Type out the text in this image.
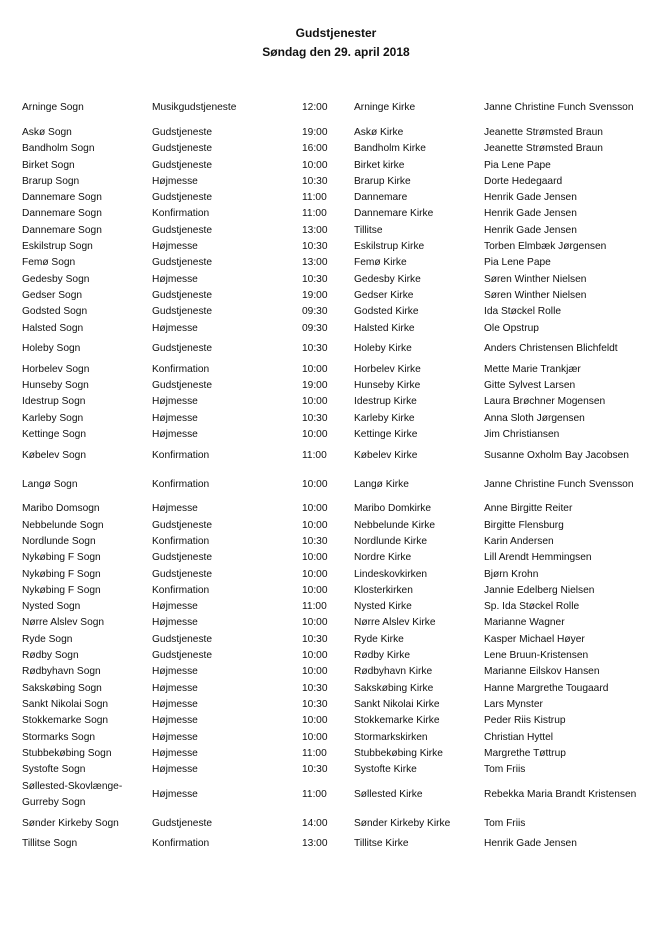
Gudstjenester
Søndag den 29. april 2018
Arninge Sogn	Musikgudstjeneste	12:00	Arninge Kirke	Janne Christine Funch Svensson
Askø Sogn	Gudstjeneste	19:00	Askø Kirke	Jeanette Strømsted Braun
Bandholm Sogn	Gudstjeneste	16:00	Bandholm Kirke	Jeanette Strømsted Braun
Birket Sogn	Gudstjeneste	10:00	Birket kirke	Pia Lene Pape
Brarup Sogn	Højmesse	10:30	Brarup Kirke	Dorte Hedegaard
Dannemare Sogn	Gudstjeneste	11:00	Dannemare	Henrik Gade Jensen
Dannemare Sogn	Konfirmation	11:00	Dannemare Kirke	Henrik Gade Jensen
Dannemare Sogn	Gudstjeneste	13:00	Tillitse	Henrik Gade Jensen
Eskilstrup Sogn	Højmesse	10:30	Eskilstrup Kirke	Torben Elmbæk Jørgensen
Femø Sogn	Gudstjeneste	13:00	Femø Kirke	Pia Lene Pape
Gedesby Sogn	Højmesse	10:30	Gedesby Kirke	Søren Winther Nielsen
Gedser Sogn	Gudstjeneste	19:00	Gedser Kirke	Søren Winther Nielsen
Godsted Sogn	Gudstjeneste	09:30	Godsted Kirke	Ida Støckel Rolle
Halsted Sogn	Højmesse	09:30	Halsted Kirke	Ole Opstrup
Holeby Sogn	Gudstjeneste	10:30	Holeby Kirke	Anders Christensen Blichfeldt
Horbelev Sogn	Konfirmation	10:00	Horbelev Kirke	Mette Marie Trankjær
Hunseby Sogn	Gudstjeneste	19:00	Hunseby Kirke	Gitte Sylvest Larsen
Idestrup Sogn	Højmesse	10:00	Idestrup Kirke	Laura Brøchner Mogensen
Karleby Sogn	Højmesse	10:30	Karleby Kirke	Anna Sloth Jørgensen
Kettinge Sogn	Højmesse	10:00	Kettinge Kirke	Jim Christiansen
Købelev Sogn	Konfirmation	11:00	Købelev Kirke	Susanne Oxholm Bay Jacobsen
Langø Sogn	Konfirmation	10:00	Langø Kirke	Janne Christine Funch Svensson
Maribo Domsogn	Højmesse	10:00	Maribo Domkirke	Anne Birgitte Reiter
Nebbelunde Sogn	Gudstjeneste	10:00	Nebbelunde Kirke	Birgitte Flensburg
Nordlunde Sogn	Konfirmation	10:30	Nordlunde Kirke	Karin Andersen
Nykøbing F Sogn	Gudstjeneste	10:00	Nordre Kirke	Lill Arendt Hemmingsen
Nykøbing F Sogn	Gudstjeneste	10:00	Lindeskovkirken	Bjørn Krohn
Nykøbing F Sogn	Konfirmation	10:00	Klosterkirken	Jannie Edelberg Nielsen
Nysted Sogn	Højmesse	11:00	Nysted Kirke	Sp. Ida Støckel Rolle
Nørre Alslev Sogn	Højmesse	10:00	Nørre Alslev Kirke	Marianne Wagner
Ryde Sogn	Gudstjeneste	10:30	Ryde Kirke	Kasper Michael Høyer
Rødby Sogn	Gudstjeneste	10:00	Rødby Kirke	Lene Bruun-Kristensen
Rødbyhavn Sogn	Højmesse	10:00	Rødbyhavn Kirke	Marianne Eilskov Hansen
Sakskøbing Sogn	Højmesse	10:30	Sakskøbing Kirke	Hanne Margrethe Tougaard
Sankt Nikolai Sogn	Højmesse	10:30	Sankt Nikolai Kirke	Lars Mynster
Stokkemarke Sogn	Højmesse	10:00	Stokkemarke Kirke	Peder Riis Kistrup
Stormarks Sogn	Højmesse	10:00	Stormarkskirken	Christian Hyttel
Stubbekøbing Sogn	Højmesse	11:00	Stubbekøbing Kirke	Margrethe Tøttrup
Systofte Sogn	Højmesse	10:30	Systofte Kirke	Tom Friis
Søllested-Skovlænge-Gurreby Sogn	Højmesse	11:00	Søllested Kirke	Rebekka Maria Brandt Kristensen
Sønder Kirkeby Sogn	Gudstjeneste	14:00	Sønder Kirkeby Kirke	Tom Friis
Tillitse Sogn	Konfirmation	13:00	Tillitse Kirke	Henrik Gade Jensen
